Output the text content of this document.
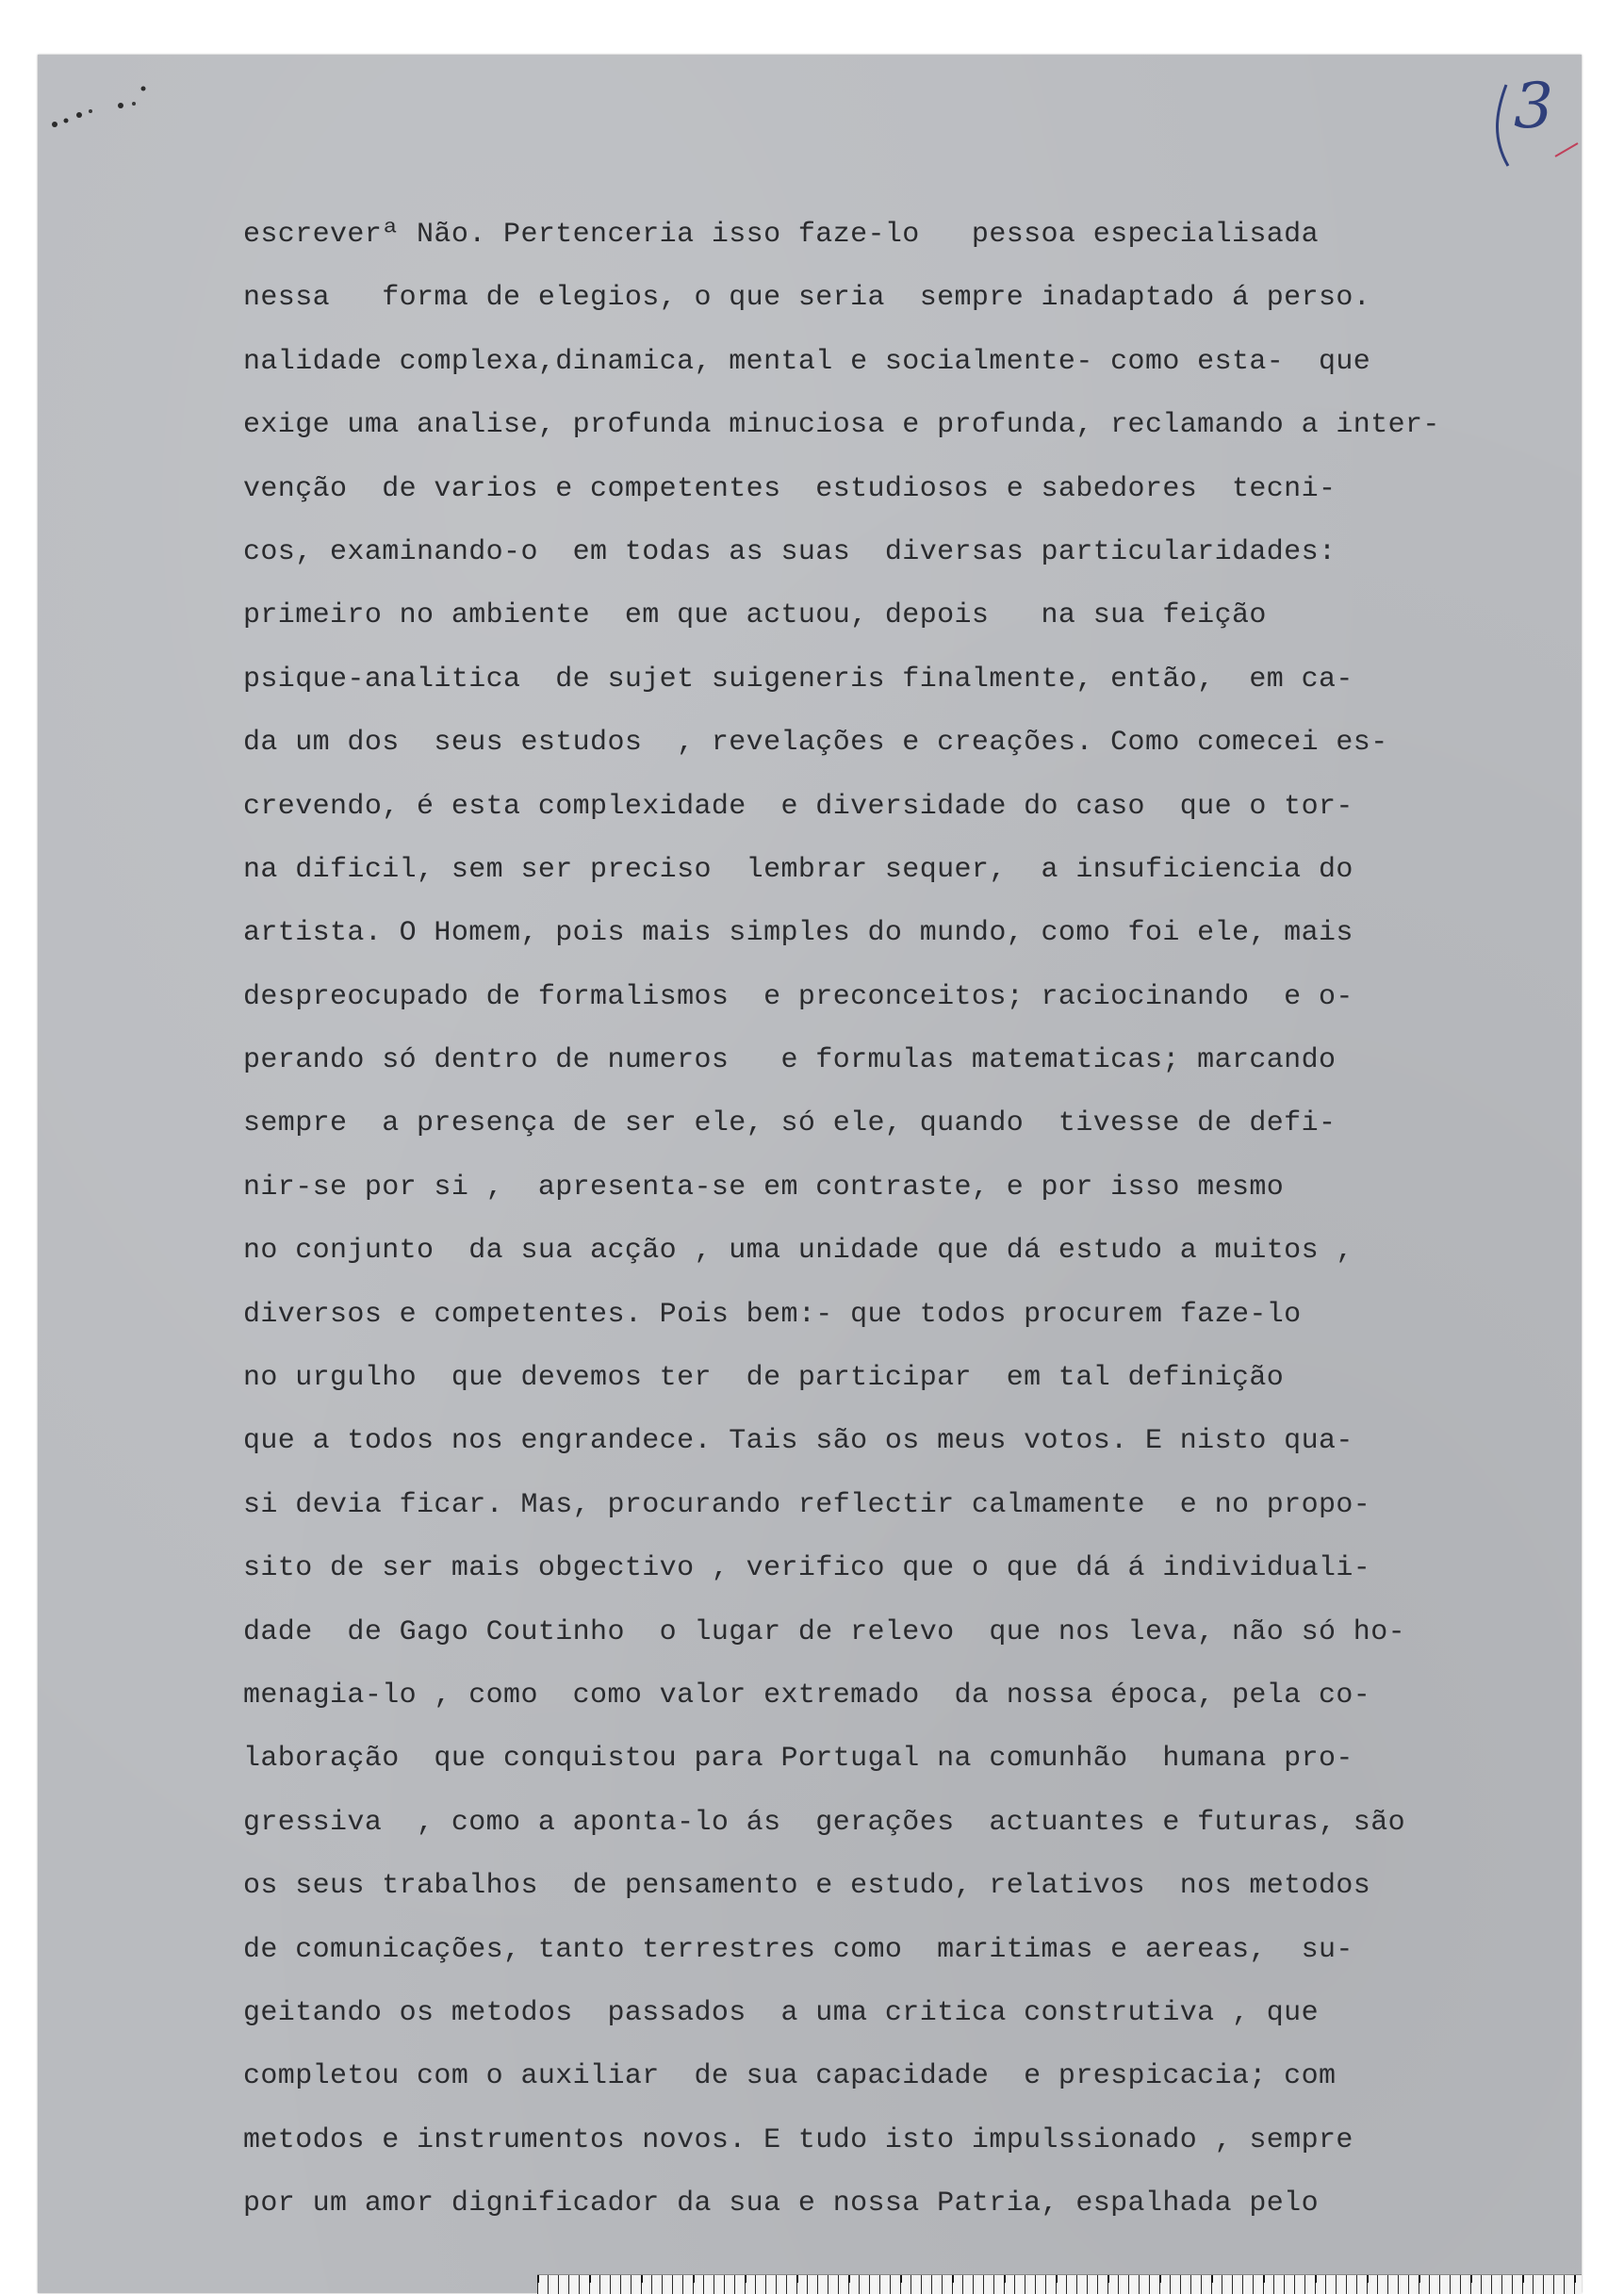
3
escreverª Não. Pertenceria isso faze-lo   pessoa especialisada
nessa   forma de elegios, o que seria  sempre inadaptado á perso.
nalidade complexa,dinamica, mental e socialmente- como esta-  que
exige uma analise, profunda minuciosa e profunda, reclamando a inter-
venção  de varios e competentes  estudiosos e sabedores  tecni-
cos, examinando-o  em todas as suas  diversas particularidades:
primeiro no ambiente  em que actuou, depois   na sua feição
psique-analitica  de sujet suigeneris finalmente, então,  em ca-
da um dos  seus estudos  , revelações e creações. Como comecei es-
crevendo, é esta complexidade  e diversidade do caso  que o tor-
na dificil, sem ser preciso  lembrar sequer,  a insuficiencia do
artista. O Homem, pois mais simples do mundo, como foi ele, mais
despreocupado de formalismos  e preconceitos; raciocinando  e o-
perando só dentro de numeros   e formulas matematicas; marcando
sempre  a presença de ser ele, só ele, quando  tivesse de defi-
nir-se por si ,  apresenta-se em contraste, e por isso mesmo
no conjunto  da sua acção , uma unidade que dá estudo a muitos ,
diversos e competentes. Pois bem:- que todos procurem faze-lo
no urgulho  que devemos ter  de participar  em tal definição
que a todos nos engrandece. Tais são os meus votos. E nisto qua-
si devia ficar. Mas, procurando reflectir calmamente  e no propo-
sito de ser mais obgectivo , verifico que o que dá á individuali-
dade  de Gago Coutinho  o lugar de relevo  que nos leva, não só ho-
menagia-lo , como  como valor extremado  da nossa época, pela co-
laboração  que conquistou para Portugal na comunhão  humana pro-
gressiva  , como a aponta-lo ás  gerações  actuantes e futuras, são
os seus trabalhos  de pensamento e estudo, relativos  nos metodos
de comunicações, tanto terrestres como  maritimas e aereas,  su-
geitando os metodos  passados  a uma critica construtiva , que
completou com o auxiliar  de sua capacidade  e prespicacia; com
metodos e instrumentos novos. E tudo isto impulssionado , sempre
por um amor dignificador da sua e nossa Patria, espalhada pelo
